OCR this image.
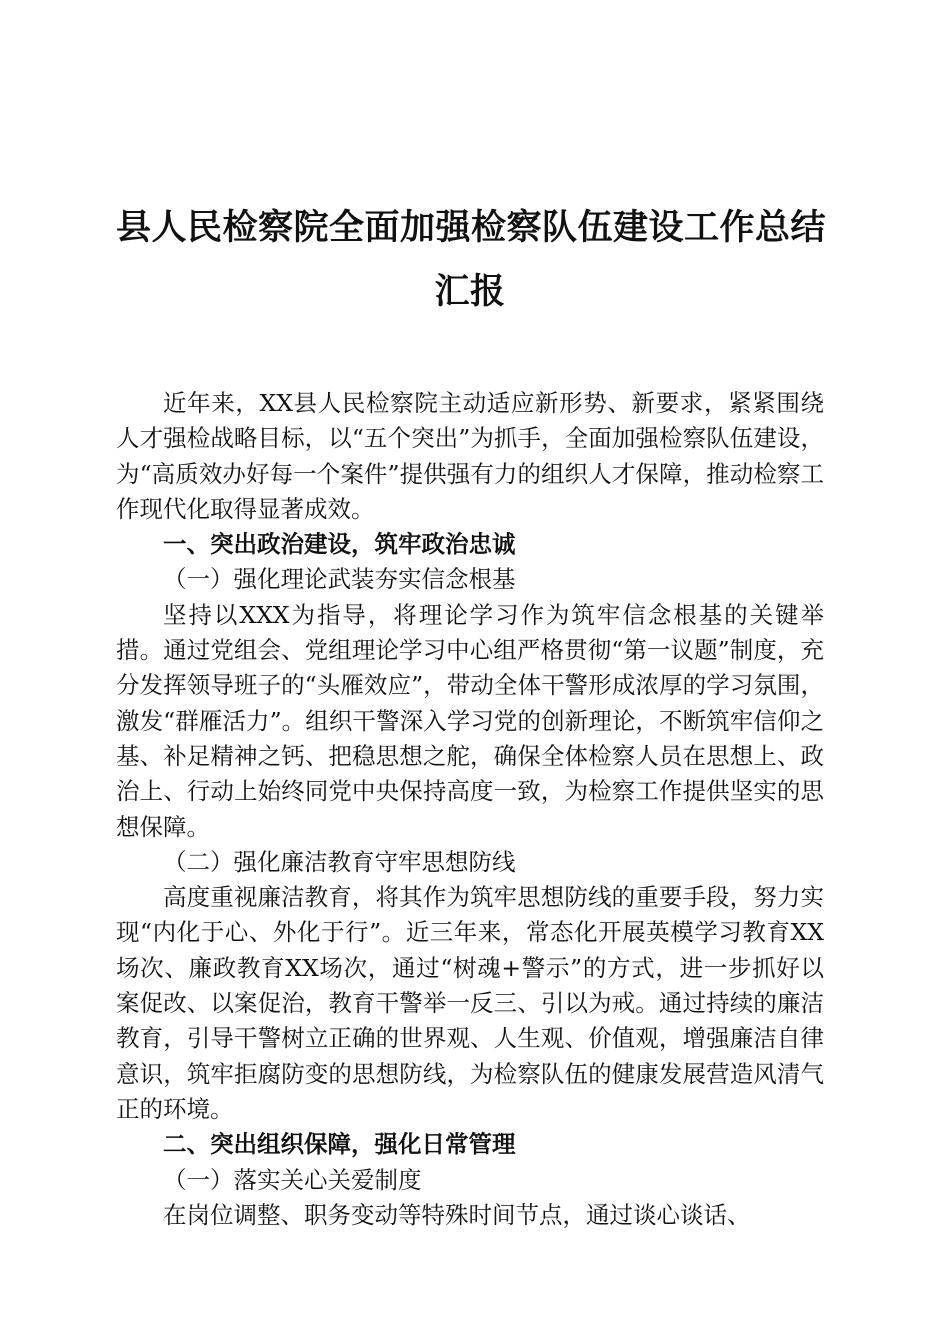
县人民检察院全面加强检察队伍建设工作总结
汇报

近年来，XX县人民检察院主动适应新形势、新要求，紧紧围绕人才强检战略目标，以“五个突出”为抓手，全面加强检察队伍建设，为“高质效办好每一个案件”提供强有力的组织人才保障，推动检察工作现代化取得显著成效。

一、突出政治建设，筑牢政治忠诚

（一）强化理论武装夯实信念根基

坚持以XXX为指导，将理论学习作为筑牢信念根基的关键举措。通过党组会、党组理论学习中心组严格贯彻“第一议题”制度，充分发挥领导班子的“头雁效应”，带动全体干警形成浓厚的学习氛围，激发“群雁活力”。组织干警深入学习党的创新理论，不断筑牢信仰之基、补足精神之钙、把稳思想之舵，确保全体检察人员在思想上、政治上、行动上始终同党中央保持高度一致，为检察工作提供坚实的思想保障。

（二）强化廉洁教育守牢思想防线

高度重视廉洁教育，将其作为筑牢思想防线的重要手段，努力实现“内化于心、外化于行”。近三年来，常态化开展英模学习教育XX场次、廉政教育XX场次，通过“树魂+警示”的方式，进一步抓好以案促改、以案促治，教育干警举一反三、引以为戒。通过持续的廉洁教育，引导干警树立正确的世界观、人生观、价值观，增强廉洁自律意识，筑牢拒腐防变的思想防线，为检察队伍的健康发展营造风清气正的环境。

二、突出组织保障，强化日常管理

（一）落实关心关爱制度

在岗位调整、职务变动等特殊时间节点，通过谈心谈话、
